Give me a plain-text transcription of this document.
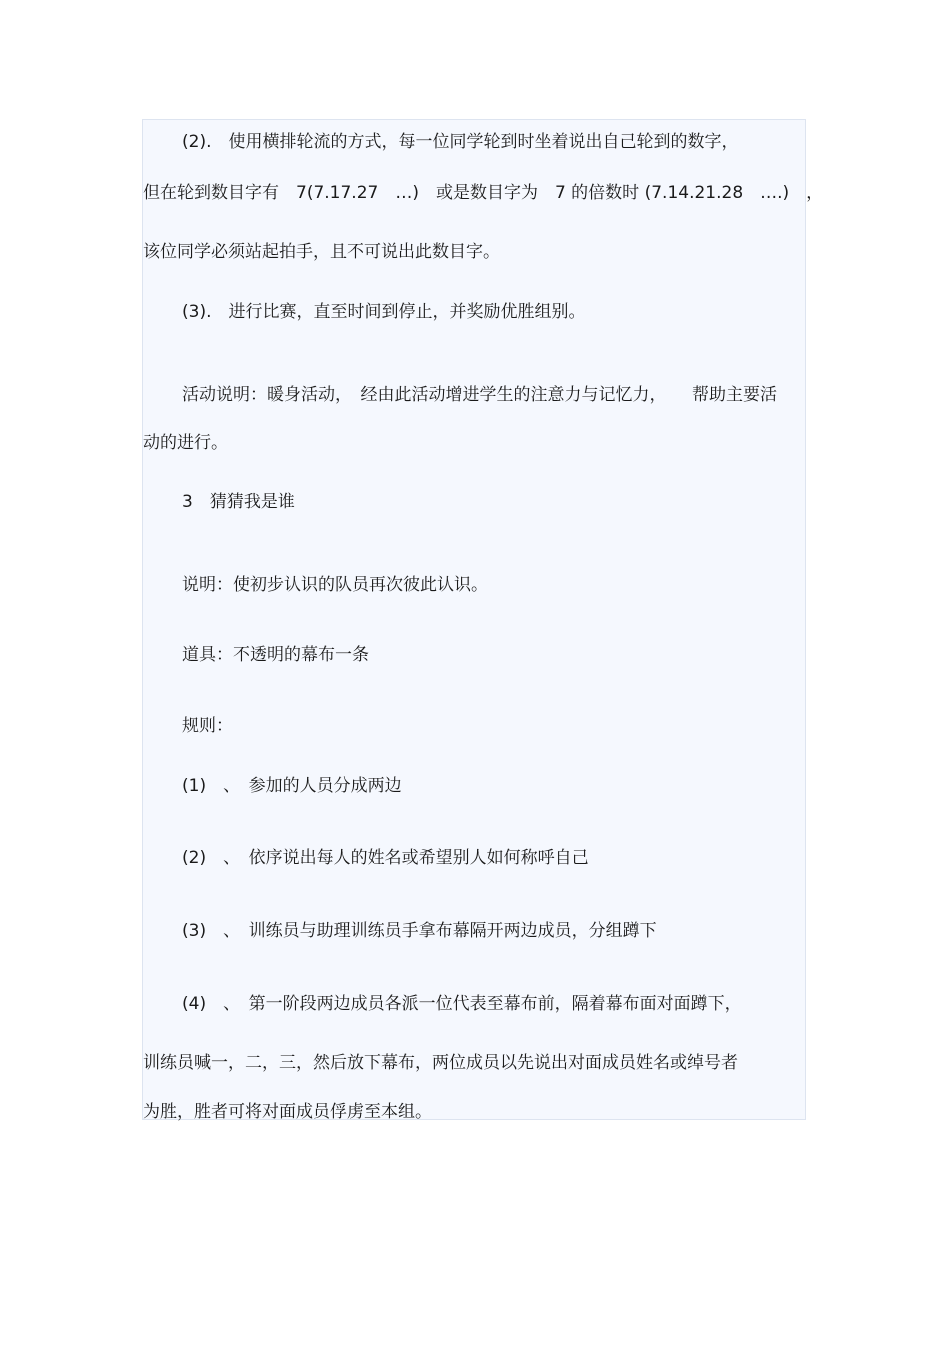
(2).　使用横排轮流的方式，每一位同学轮到时坐着说出自己轮到的数字，
但在轮到数目字有　7(7.17.27　…)　或是数目字为　7 的倍数时 (7.14.21.28　….)　，
该位同学必须站起拍手，且不可说出此数目字。
(3).　进行比赛，直至时间到停止，并奖励优胜组别。
活动说明：暖身活动，　经由此活动增进学生的注意力与记忆力，　　帮助主要活
动的进行。
3　猜猜我是谁
说明：使初步认识的队员再次彼此认识。
道具：不透明的幕布一条
规则：
(1)　、　参加的人员分成两边
(2)　、　依序说出每人的姓名或希望别人如何称呼自己
(3)　、　训练员与助理训练员手拿布幕隔开两边成员，分组蹲下
(4)　、　第一阶段两边成员各派一位代表至幕布前，隔着幕布面对面蹲下，
训练员喊一，二，三，然后放下幕布，两位成员以先说出对面成员姓名或绰号者
为胜，胜者可将对面成员俘虏至本组。
